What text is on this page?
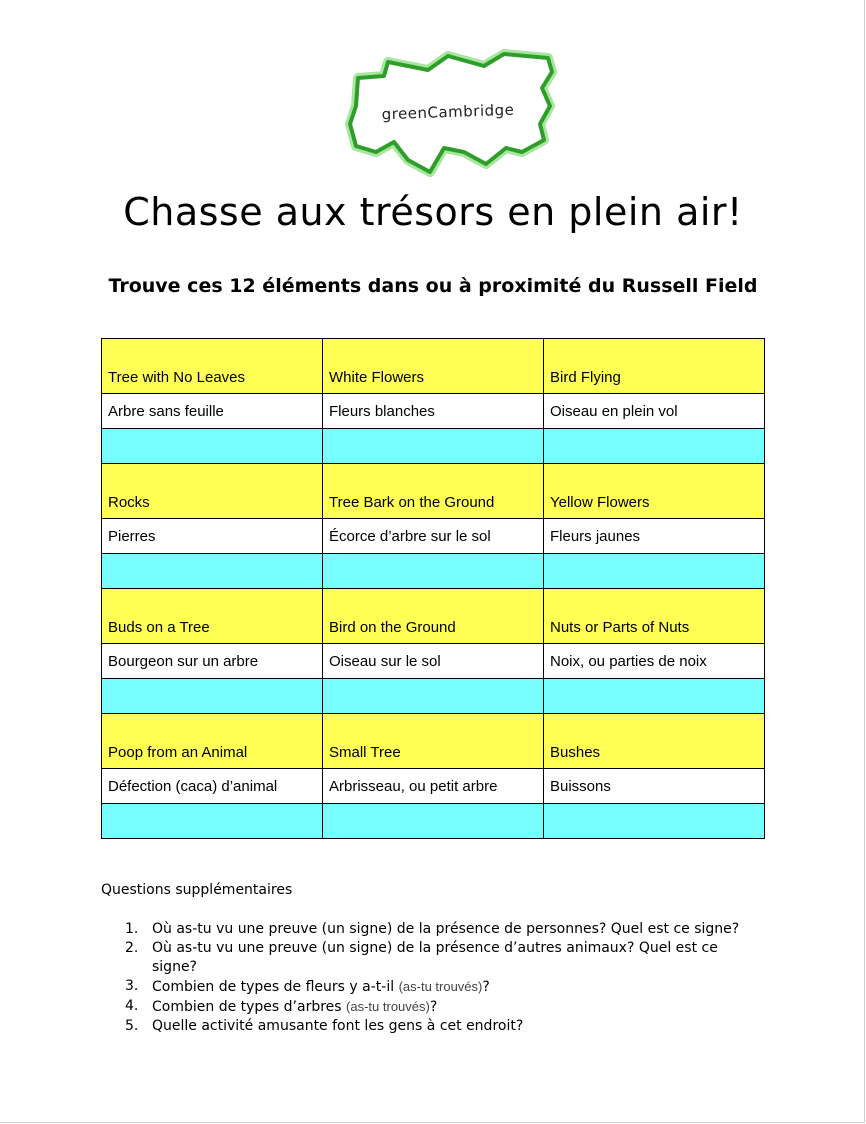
greenCambridge
Chasse aux trésors en plein air!
Trouve ces 12 éléments dans ou à proximité du Russell Field
Tree with No Leaves	White Flowers	Bird Flying
Arbre sans feuille	Fleurs blanches	Oiseau en plein vol

Rocks	Tree Bark on the Ground	Yellow Flowers
Pierres	Écorce d’arbre sur le sol	Fleurs jaunes

Buds on a Tree	Bird on the Ground	Nuts or Parts of Nuts
Bourgeon sur un arbre	Oiseau sur le sol	Noix, ou parties de noix

Poop from an Animal	Small Tree	Bushes
Défection (caca) d’animal	Arbrisseau, ou petit arbre	Buissons

Questions supplémentaires
1. Où as-tu vu une preuve (un signe) de la présence de personnes? Quel est ce signe?
2. Où as-tu vu une preuve (un signe) de la présence d’autres animaux? Quel est ce signe?
3. Combien de types de fleurs y a-t-il (as-tu trouvés)?
4. Combien de types d’arbres (as-tu trouvés)?
5. Quelle activité amusante font les gens à cet endroit?
